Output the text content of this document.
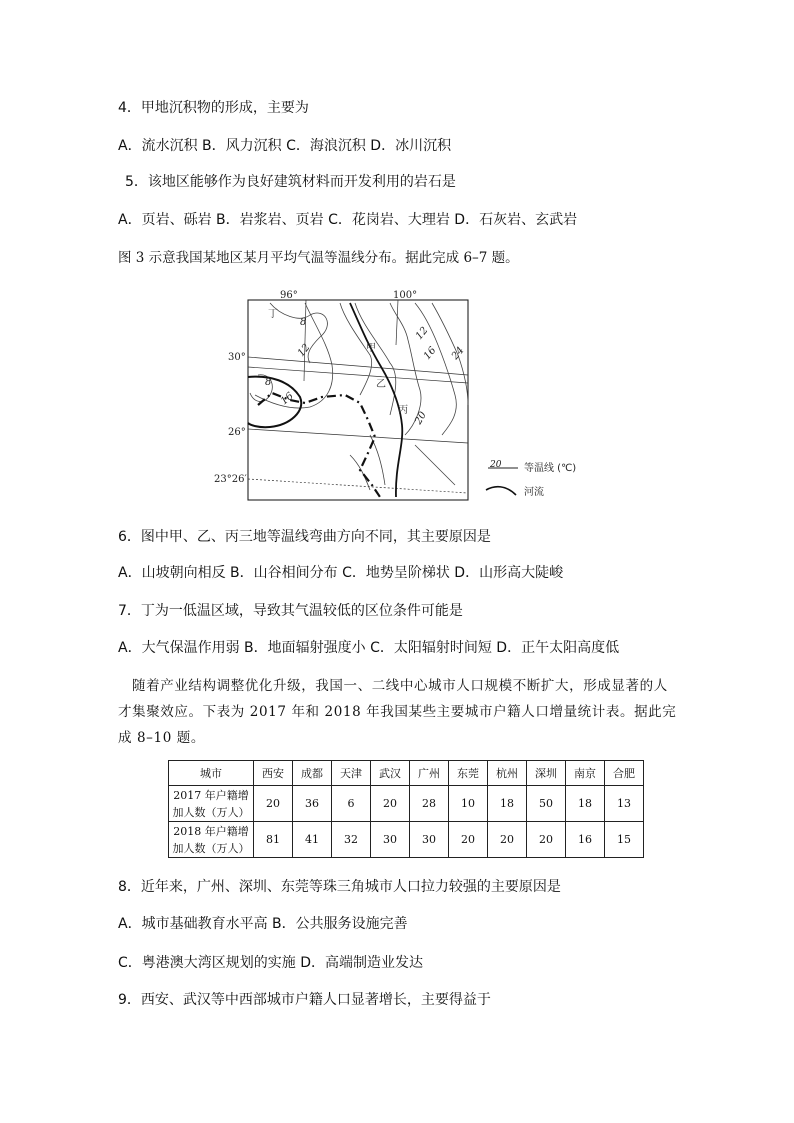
4．甲地沉积物的形成，主要为
A．流水沉积 B．风力沉积 C．海浪沉积 D．冰川沉积
5．该地区能够作为良好建筑材料而开发利用的岩石是
A．页岩、砾岩 B．岩浆岩、页岩 C．花岗岩、大理岩 D．石灰岩、玄武岩
图 3 示意我国某地区某月平均气温等温线分布。据此完成 6–7 题。
96°	100°
30°
26°
23°26′
8
12
12
16 24
8
16
20
丁
甲
乙
丙
20 等温线 (℃)
河流
6．图中甲、乙、丙三地等温线弯曲方向不同，其主要原因是
A．山坡朝向相反 B．山谷相间分布 C．地势呈阶梯状 D．山形高大陡峻
7．丁为一低温区域，导致其气温较低的区位条件可能是
A．大气保温作用弱 B．地面辐射强度小 C．太阳辐射时间短 D．正午太阳高度低
随着产业结构调整优化升级，我国一、二线中心城市人口规模不断扩大，形成显著的人才集聚效应。下表为 2017 年和 2018 年我国某些主要城市户籍人口增量统计表。据此完成 8–10 题。
城市	西安	成都	天津	武汉	广州	东莞	杭州	深圳	南京	合肥
2017 年户籍增
加人数（万人）	20	36	6	20	28	10	18	50	18	13
2018 年户籍增
加人数（万人）	81	41	32	30	30	20	20	20	16	15
8．近年来，广州、深圳、东莞等珠三角城市人口拉力较强的主要原因是
A．城市基础教育水平高 B．公共服务设施完善
C．粤港澳大湾区规划的实施 D．高端制造业发达
9．西安、武汉等中西部城市户籍人口显著增长，主要得益于
